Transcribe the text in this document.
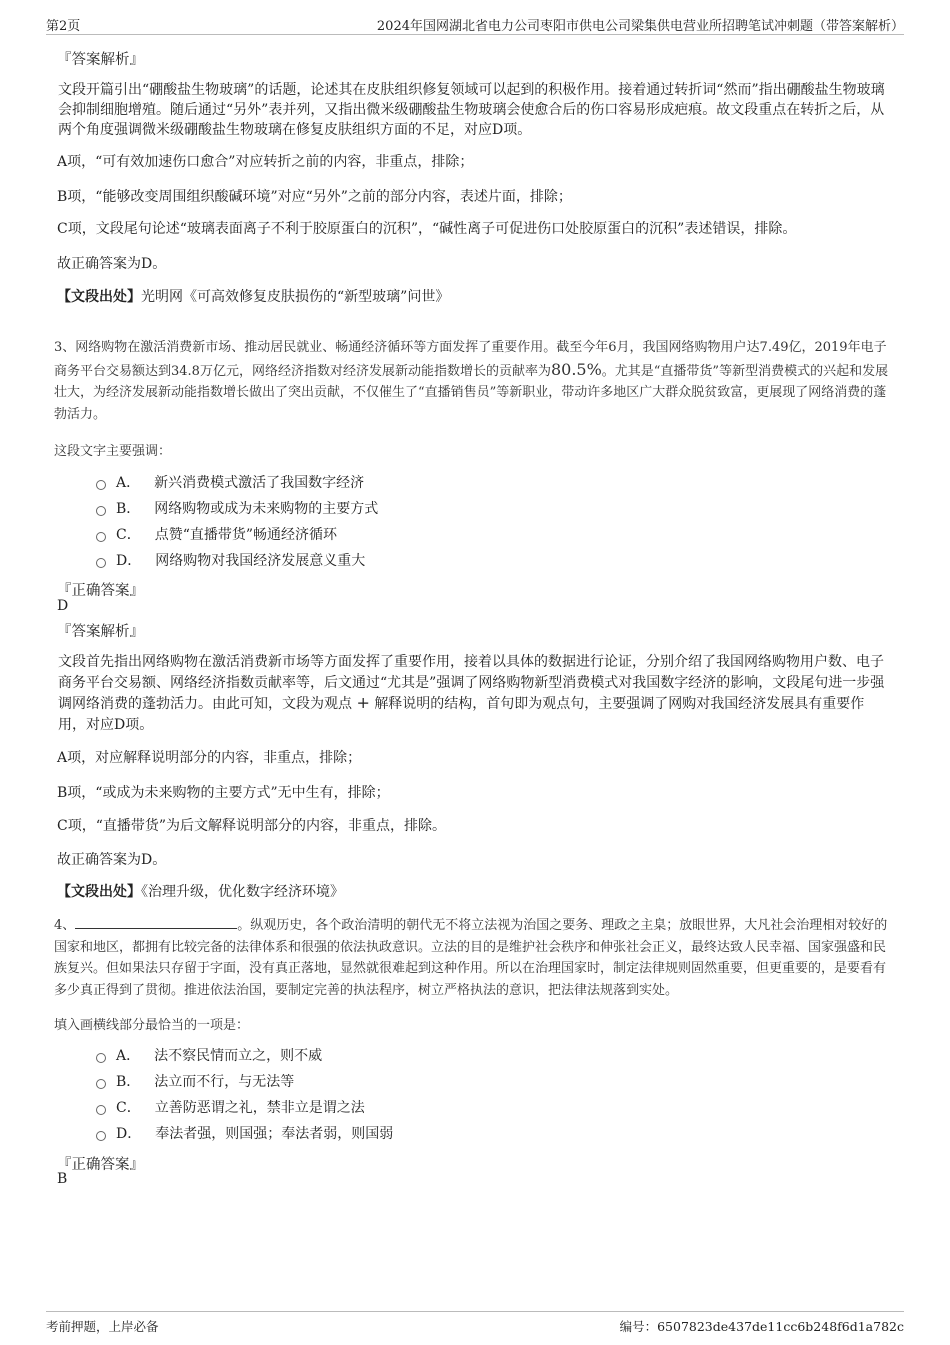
第2页	2024年国网湖北省电力公司枣阳市供电公司梁集供电营业所招聘笔试冲刺题（带答案解析）
『答案解析』
文段开篇引出“硼酸盐生物玻璃”的话题，论述其在皮肤组织修复领域可以起到的积极作用。接着通过转折词“然而”指出硼酸盐生物玻璃会抑制细胞增殖。随后通过“另外”表并列，又指出微米级硼酸盐生物玻璃会使愈合后的伤口容易形成疤痕。故文段重点在转折之后，从两个角度强调微米级硼酸盐生物玻璃在修复皮肤组织方面的不足，对应D项。
A项，“可有效加速伤口愈合”对应转折之前的内容，非重点，排除；
B项，“能够改变周围组织酸碱环境”对应“另外”之前的部分内容，表述片面，排除；
C项，文段尾句论述“玻璃表面离子不利于胶原蛋白的沉积”，“碱性离子可促进伤口处胶原蛋白的沉积”表述错误，排除。
故正确答案为D。
【文段出处】光明网《可高效修复皮肤损伤的“新型玻璃”问世》
3、网络购物在激活消费新市场、推动居民就业、畅通经济循环等方面发挥了重要作用。截至今年6月，我国网络购物用户达7.49亿，2019年电子商务平台交易额达到34.8万亿元，网络经济指数对经济发展新动能指数增长的贡献率为80.5%。尤其是“直播带货”等新型消费模式的兴起和发展壮大，为经济发展新动能指数增长做出了突出贡献，不仅催生了“直播销售员”等新职业，带动许多地区广大群众脱贫致富，更展现了网络消费的蓬勃活力。
这段文字主要强调：
A． 新兴消费模式激活了我国数字经济
B． 网络购物或成为未来购物的主要方式
C． 点赞“直播带货”畅通经济循环
D． 网络购物对我国经济发展意义重大
『正确答案』
D
『答案解析』
文段首先指出网络购物在激活消费新市场等方面发挥了重要作用，接着以具体的数据进行论证，分别介绍了我国网络购物用户数、电子商务平台交易额、网络经济指数贡献率等，后文通过“尤其是”强调了网络购物新型消费模式对我国数字经济的影响，文段尾句进一步强调网络消费的蓬勃活力。由此可知，文段为观点 + 解释说明的结构，首句即为观点句，主要强调了网购对我国经济发展具有重要作用，对应D项。
A项，对应解释说明部分的内容，非重点，排除；
B项，“或成为未来购物的主要方式”无中生有，排除；
C项，“直播带货”为后文解释说明部分的内容，非重点，排除。
故正确答案为D。
【文段出处】《治理升级，优化数字经济环境》
4、	。纵观历史，各个政治清明的朝代无不将立法视为治国之要务、理政之主臬；放眼世界，大凡社会治理相对较好的国家和地区，都拥有比较完备的法律体系和很强的依法执政意识。立法的目的是维护社会秩序和伸张社会正义，最终达致人民幸福、国家强盛和民族复兴。但如果法只存留于字面，没有真正落地，显然就很难起到这种作用。所以在治理国家时，制定法律规则固然重要，但更重要的，是要看有多少真正得到了贯彻。推进依法治国，要制定完善的执法程序，树立严格执法的意识，把法律法规落到实处。
填入画横线部分最恰当的一项是：
A． 法不察民情而立之，则不威
B． 法立而不行，与无法等
C． 立善防恶谓之礼，禁非立是谓之法
D． 奉法者强，则国强；奉法者弱，则国弱
『正确答案』
B
考前押题，上岸必备	编号：6507823de437de11cc6b248f6d1a782c
